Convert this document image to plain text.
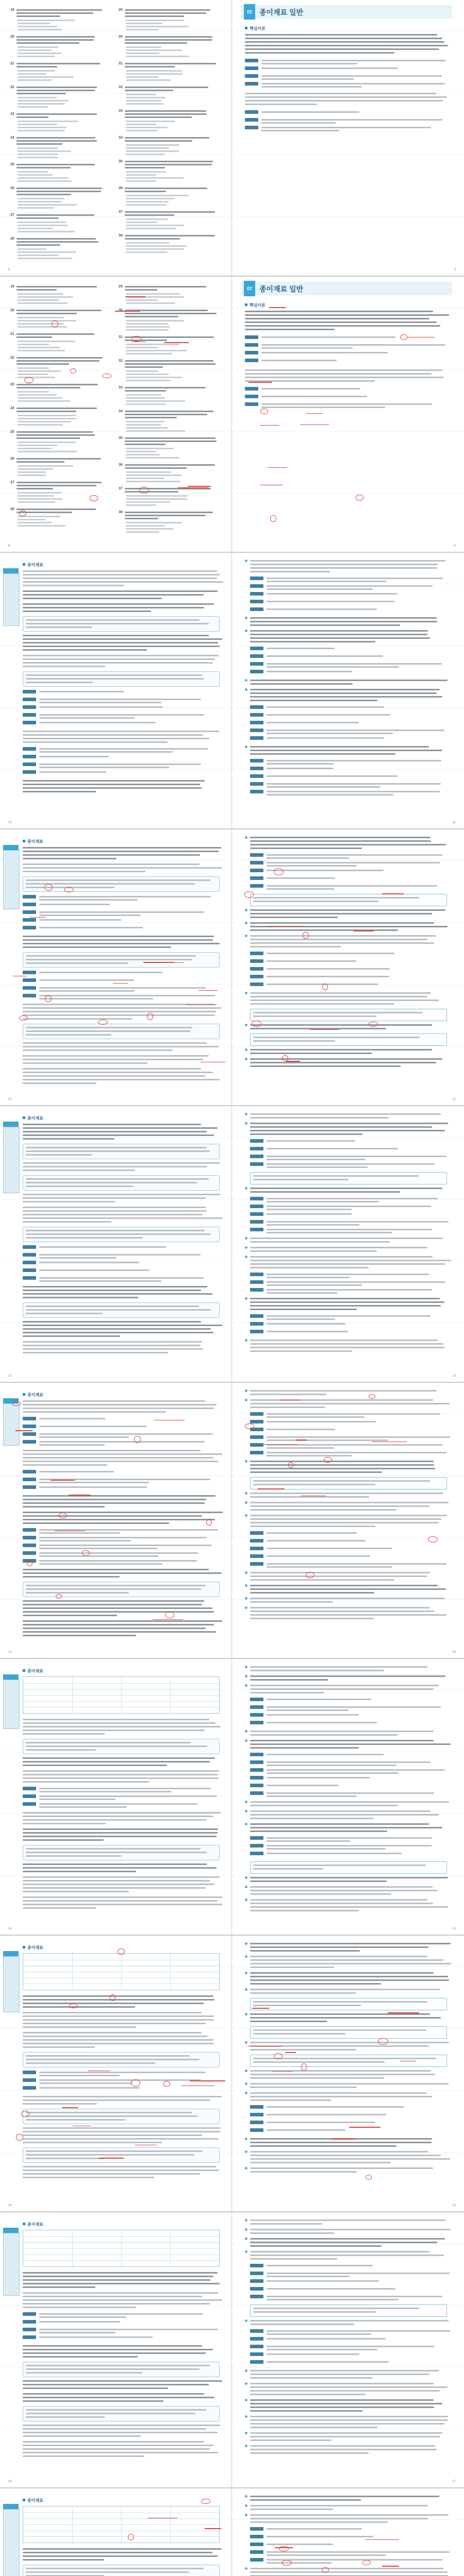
19
20
21
22
23
24
25
26
27
28
29
30
31
32
33
34
35
36
37
38
8
02	종이재료 일반
핵심이론
9
19
20
21
22
23
24
25
26
27
28
29
31
32
33
34
35
36
37
38
8
02	종이재료 일반
핵심이론
9
종이재료
10	11
종이재료
10	11
종이재료
12	13
종이재료
12	13
종이재료
14	15
종이재료
14	15
종이재료
16	17
종이재료
